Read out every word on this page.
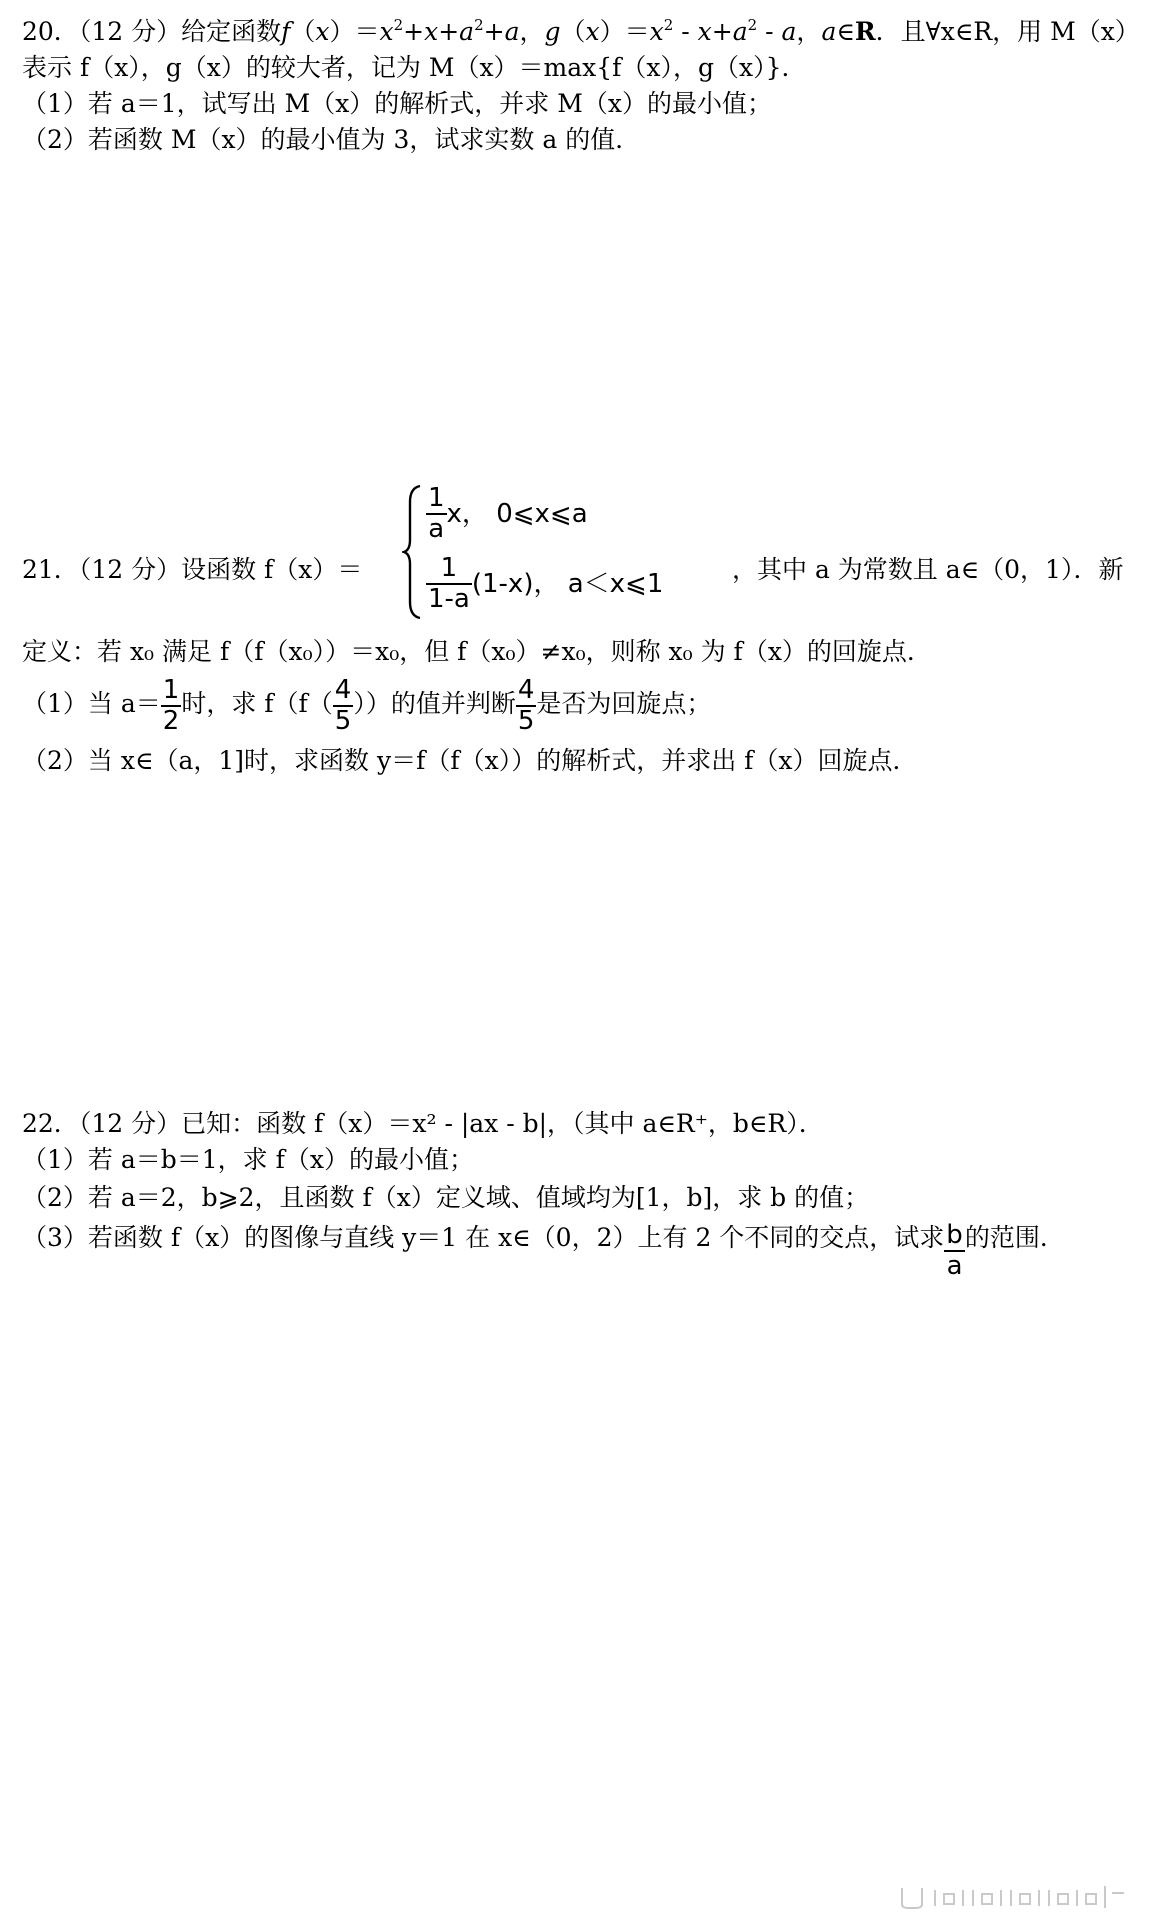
20．（12 分）给定函数$f(x)=x^2+x+a^2+a$，$g(x)=x^2 - x+a^2 - a$，a∈R．且∀x∈R，用 M（x）
表示 f（x），g（x）的较大者，记为 M（x）＝max{f（x），g（x）}．
（1）若 a＝1，试写出 M（x）的解析式，并求 M（x）的最小值；
（2）若函数 M（x）的最小值为 3，试求实数 a 的值．
21．（12 分）设函数 f（x）＝
$\frac{1}{a}$ x， 0⩽x⩽a
$\frac{1}{1-a} (1-x)$， a＜x⩽1	，其中 a 为常数且 a∈（0，1）．新
定义：若 x₀ 满足 f（f（x₀））＝x₀，但 f（x₀）≠x₀，则称 x₀ 为 f（x）的回旋点．
（1）当 $a= \frac{1}{2}$ 时，求 $f(f( \frac{4}{5}$ ））的值并判断 $\frac{4}{5}$ 是否为回旋点；
（2）当 x∈（a，1]时，求函数 y＝f（f（x））的解析式，并求出 f（x）回旋点．
22．（12 分）已知：函数 f（x）＝x² - |ax - b|，（其中 a∈R⁺，b∈R）．
（1）若 a＝b＝1，求 f（x）的最小值；
（2）若 a＝2，b⩾2，且函数 f（x）定义域、值域均为[1，b]，求 b 的值；
（3）若函数 f（x）的图像与直线 y＝1 在 x∈（0，2）上有 2 个不同的交点，试求 $\frac{b}{a}$ 的范围．
